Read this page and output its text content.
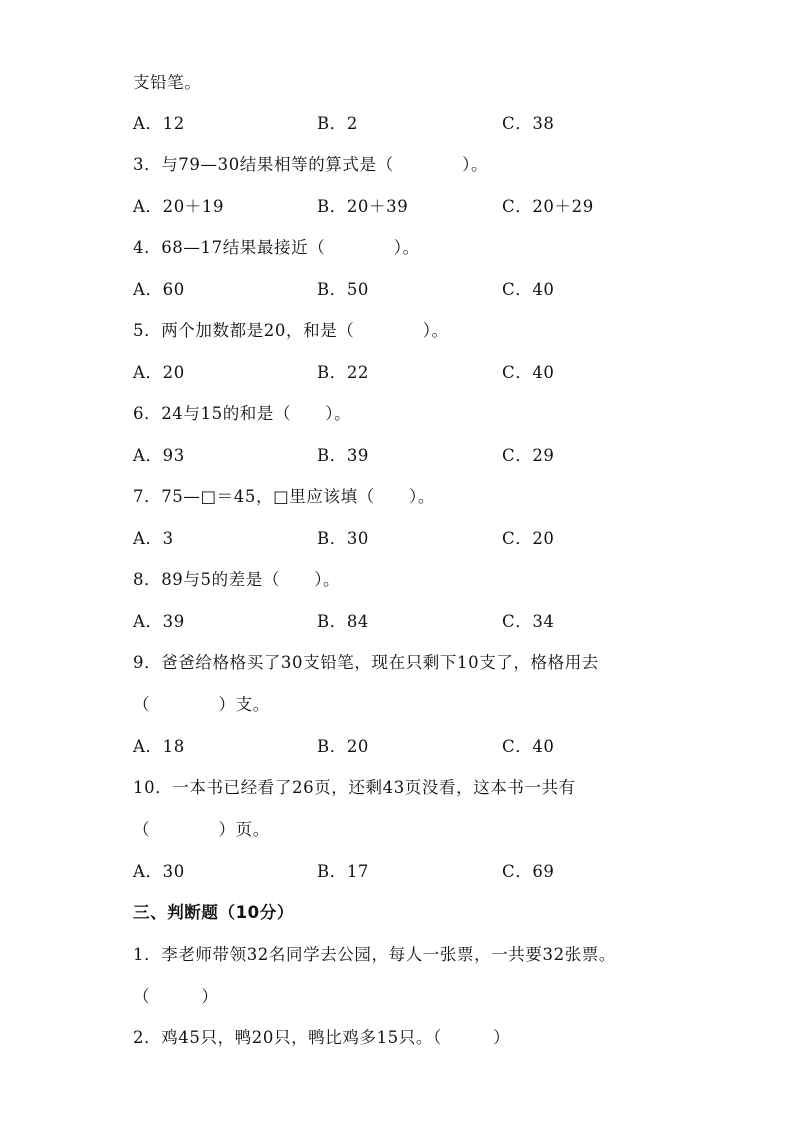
支铅笔。
A．12	B．2	C．38
3．与79—30结果相等的算式是（　　　　）。
A．20＋19	B．20＋39	C．20＋29
4．68—17结果最接近（　　　　）。
A．60	B．50	C．40
5．两个加数都是20，和是（　　　　）。
A．20	B．22	C．40
6．24与15的和是（　　）。
A．93	B．39	C．29
7．75—□＝45，□里应该填（　　）。
A．3	B．30	C．20
8．89与5的差是（　　）。
A．39	B．84	C．34
9．爸爸给格格买了30支铅笔，现在只剩下10支了，格格用去
（　　　　）支。
A．18	B．20	C．40
10．一本书已经看了26页，还剩43页没看，这本书一共有
（　　　　）页。
A．30	B．17	C．69
三、判断题（10分）
1．李老师带领32名同学去公园，每人一张票，一共要32张票。
（　　　）
2．鸡45只，鸭20只，鸭比鸡多15只。（　　　）
